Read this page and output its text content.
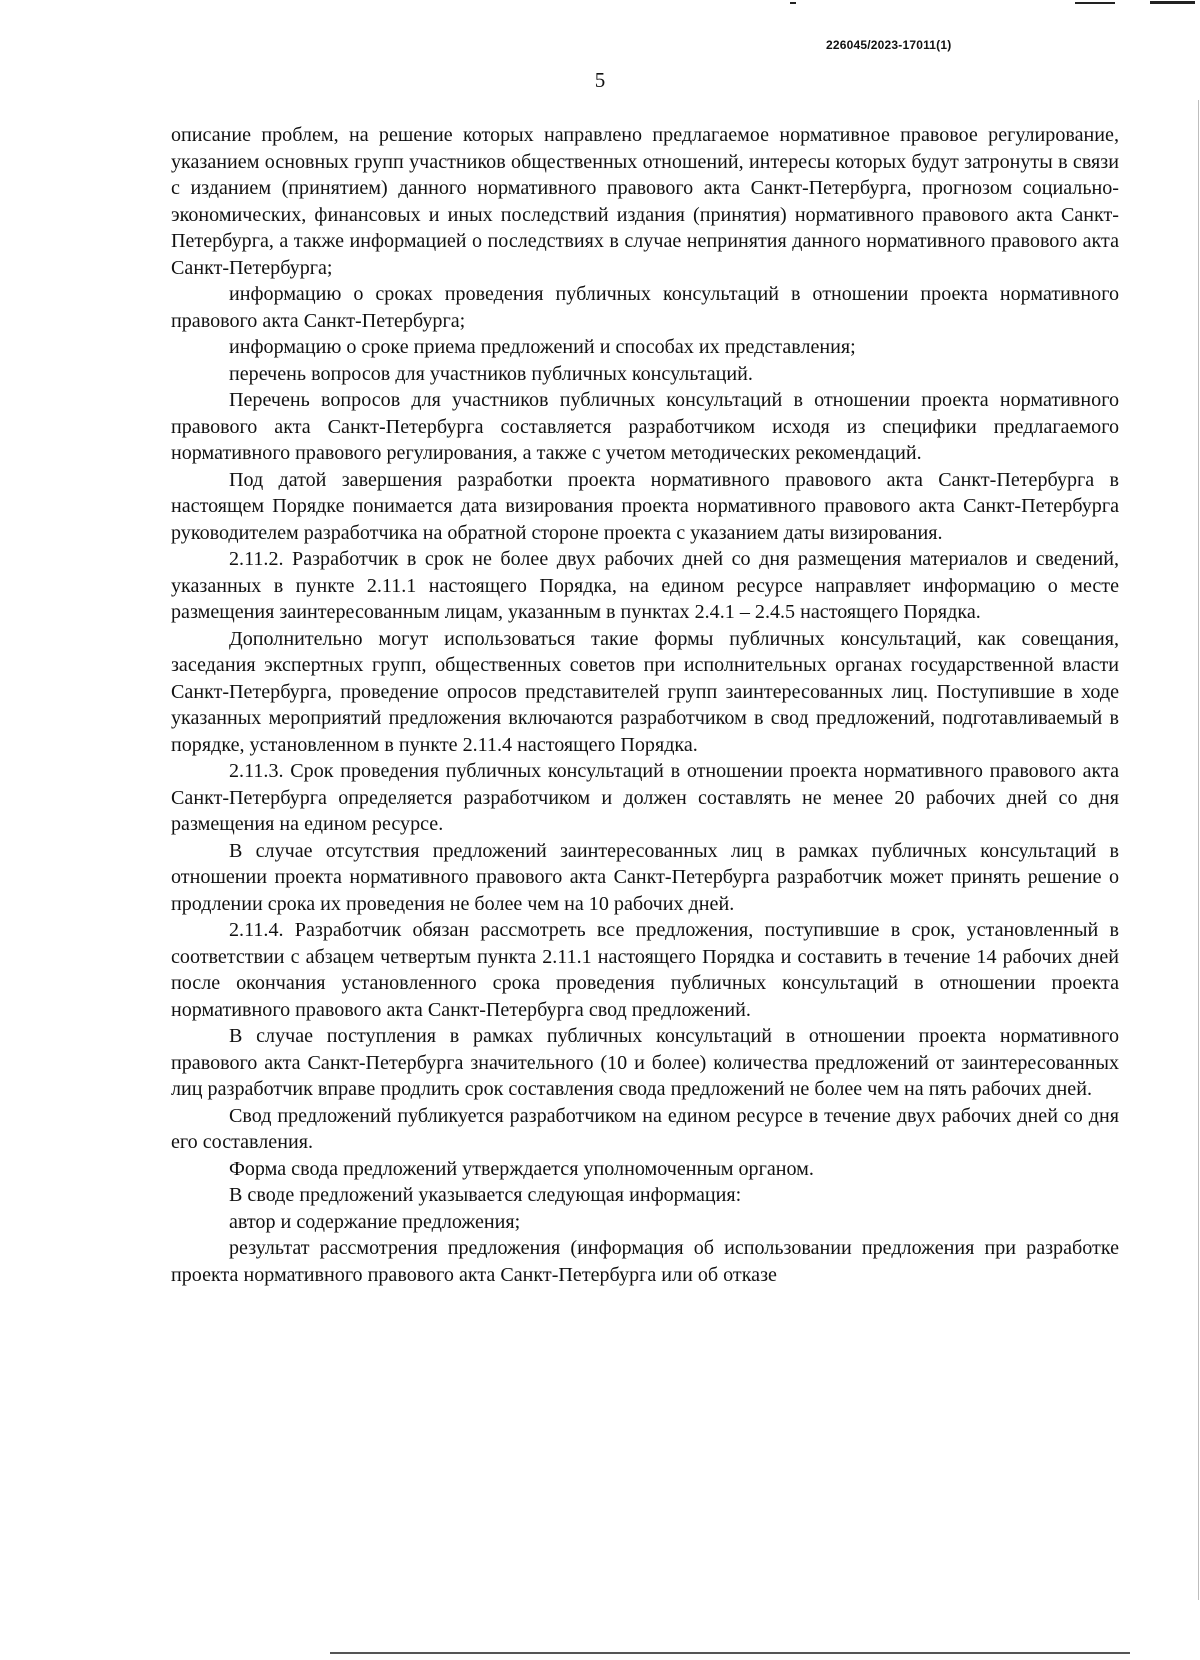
226045/2023-17011(1)
5

описание проблем, на решение которых направлено предлагаемое нормативное правовое регулирование, указанием основных групп участников общественных отношений, интересы которых будут затронуты в связи с изданием (принятием) данного нормативного правового акта Санкт-Петербурга, прогнозом социально-экономических, финансовых и иных последствий издания (принятия) нормативного правового акта Санкт-Петербурга, а также информацией о последствиях в случае непринятия данного нормативного правового акта Санкт-Петербурга;

информацию о сроках проведения публичных консультаций в отношении проекта нормативного правового акта Санкт-Петербурга;

информацию о сроке приема предложений и способах их представления;

перечень вопросов для участников публичных консультаций.

Перечень вопросов для участников публичных консультаций в отношении проекта нормативного правового акта Санкт-Петербурга составляется разработчиком исходя из специфики предлагаемого нормативного правового регулирования, а также с учетом методических рекомендаций.

Под датой завершения разработки проекта нормативного правового акта Санкт-Петербурга в настоящем Порядке понимается дата визирования проекта нормативного правового акта Санкт-Петербурга руководителем разработчика на обратной стороне проекта с указанием даты визирования.

2.11.2. Разработчик в срок не более двух рабочих дней со дня размещения материалов и сведений, указанных в пункте 2.11.1 настоящего Порядка, на едином ресурсе направляет информацию о месте размещения заинтересованным лицам, указанным в пунктах 2.4.1 – 2.4.5 настоящего Порядка.

Дополнительно могут использоваться такие формы публичных консультаций, как совещания, заседания экспертных групп, общественных советов при исполнительных органах государственной власти Санкт-Петербурга, проведение опросов представителей групп заинтересованных лиц. Поступившие в ходе указанных мероприятий предложения включаются разработчиком в свод предложений, подготавливаемый в порядке, установленном в пункте 2.11.4 настоящего Порядка.

2.11.3. Срок проведения публичных консультаций в отношении проекта нормативного правового акта Санкт-Петербурга определяется разработчиком и должен составлять не менее 20 рабочих дней со дня размещения на едином ресурсе.

В случае отсутствия предложений заинтересованных лиц в рамках публичных консультаций в отношении проекта нормативного правового акта Санкт-Петербурга разработчик может принять решение о продлении срока их проведения не более чем на 10 рабочих дней.

2.11.4. Разработчик обязан рассмотреть все предложения, поступившие в срок, установленный в соответствии с абзацем четвертым пункта 2.11.1 настоящего Порядка и составить в течение 14 рабочих дней после окончания установленного срока проведения публичных консультаций в отношении проекта нормативного правового акта Санкт-Петербурга свод предложений.

В случае поступления в рамках публичных консультаций в отношении проекта нормативного правового акта Санкт-Петербурга значительного (10 и более) количества предложений от заинтересованных лиц разработчик вправе продлить срок составления свода предложений не более чем на пять рабочих дней.

Свод предложений публикуется разработчиком на едином ресурсе в течение двух рабочих дней со дня его составления.

Форма свода предложений утверждается уполномоченным органом.

В своде предложений указывается следующая информация:

автор и содержание предложения;

результат рассмотрения предложения (информация об использовании предложения при разработке проекта нормативного правового акта Санкт-Петербурга или об отказе
